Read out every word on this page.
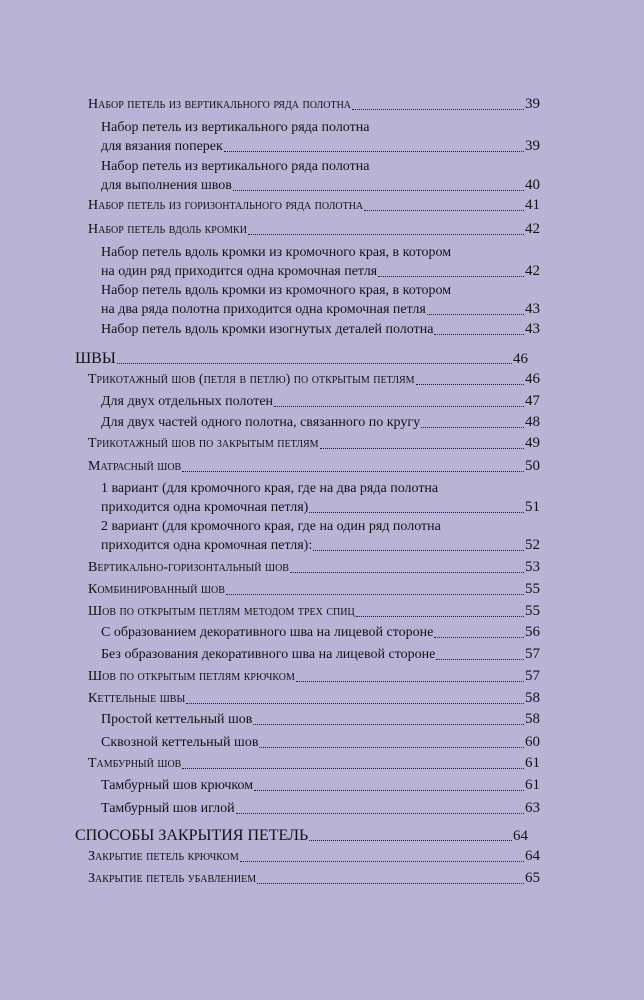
Набор петель из вертикального ряда полотна	39
Набор петель из вертикального ряда полотна
для вязания поперек	39
Набор петель из вертикального ряда полотна
для выполнения швов	40
Набор петель из горизонтального ряда полотна	41
Набор петель вдоль кромки	42
Набор петель вдоль кромки из кромочного края, в котором
на один ряд приходится одна кромочная петля	42
Набор петель вдоль кромки из кромочного края, в котором
на два ряда полотна приходится одна кромочная петля	43
Набор петель вдоль кромки изогнутых деталей полотна	43
ШВЫ	46
Трикотажный шов (петля в петлю) по открытым петлям	46
Для двух отдельных полотен	47
Для двух частей одного полотна, связанного по кругу	48
Трикотажный шов по закрытым петлям	49
Матрасный шов	50
1 вариант (для кромочного края, где на два ряда полотна
приходится одна кромочная петля)	51
2 вариант (для кромочного края, где на один ряд полотна
приходится одна кромочная петля):	52
Вертикально-горизонтальный шов	53
Комбинированный шов	55
Шов по открытым петлям методом трех спиц	55
С образованием декоративного шва на лицевой стороне	56
Без образования декоративного шва на лицевой стороне	57
Шов по открытым петлям крючком	57
Кеттельные швы	58
Простой кеттельный шов	58
Сквозной кеттельный шов	60
Тамбурный шов	61
Тамбурный шов крючком	61
Тамбурный шов иглой	63
СПОСОБЫ ЗАКРЫТИЯ ПЕТЕЛЬ	64
Закрытие петель крючком	64
Закрытие петель убавлением	65
